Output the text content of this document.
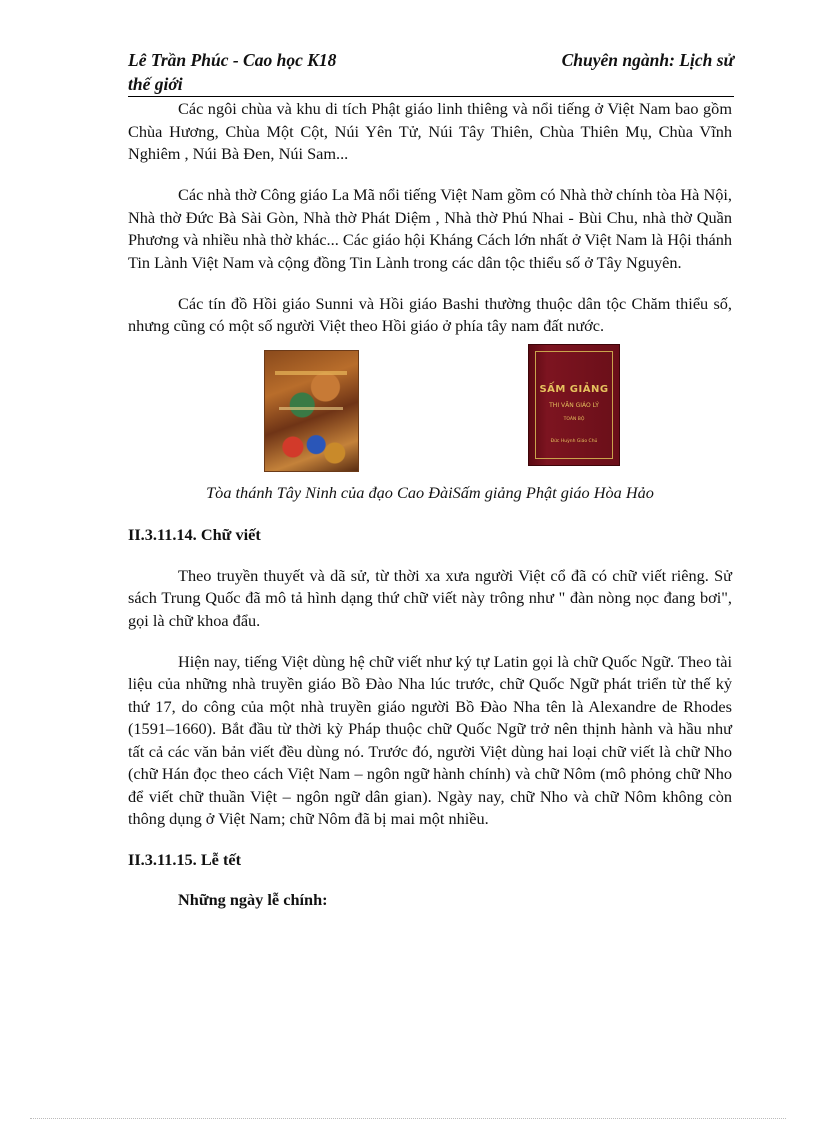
Lê Trần Phúc - Cao học K18	Chuyên ngành: Lịch sử
thế giới

Các ngôi chùa và khu di tích Phật giáo linh thiêng và nổi tiếng ở Việt Nam bao gồm Chùa Hương, Chùa Một Cột, Núi Yên Tử, Núi Tây Thiên, Chùa Thiên Mụ, Chùa Vĩnh Nghiêm , Núi Bà Đen, Núi Sam...

Các nhà thờ Công giáo La Mã nổi tiếng Việt Nam gồm có Nhà thờ chính tòa Hà Nội, Nhà thờ Đức Bà Sài Gòn, Nhà thờ Phát Diệm , Nhà thờ Phú Nhai - Bùi Chu, nhà thờ Quần Phương và nhiều nhà thờ khác... Các giáo hội Kháng Cách lớn nhất ở Việt Nam là Hội thánh Tin Lành Việt Nam và cộng đồng Tin Lành trong các dân tộc thiểu số ở Tây Nguyên.

Các tín đồ Hồi giáo Sunni và Hồi giáo Bashi thường thuộc dân tộc Chăm thiểu số, nhưng cũng có một số người Việt theo Hồi giáo ở phía tây nam đất nước.

SẤM GIẢNG
THI VĂN GIÁO LÝ
TOÀN BỘ
Đức Huỳnh Giáo Chủ
Tòa thánh Tây Ninh của đạo Cao ĐàiSấm giảng Phật giáo Hòa Hảo

II.3.11.14. Chữ viết

Theo truyền thuyết và dã sử, từ thời xa xưa người Việt cổ đã có chữ viết riêng. Sử sách Trung Quốc đã mô tả hình dạng thứ chữ viết này trông như " đàn nòng nọc đang bơi", gọi là chữ khoa đẩu.

Hiện nay, tiếng Việt dùng hệ chữ viết như ký tự Latin gọi là chữ Quốc Ngữ. Theo tài liệu của những nhà truyền giáo Bồ Đào Nha lúc trước, chữ Quốc Ngữ phát triển từ thế kỷ thứ 17, do công của một nhà truyền giáo người Bồ Đào Nha tên là Alexandre de Rhodes (1591–1660). Bắt đầu từ thời kỳ Pháp thuộc chữ Quốc Ngữ trở nên thịnh hành và hầu như tất cả các văn bản viết đều dùng nó. Trước đó, người Việt dùng hai loại chữ viết là chữ Nho (chữ Hán đọc theo cách Việt Nam – ngôn ngữ hành chính) và chữ Nôm (mô phỏng chữ Nho để viết chữ thuần Việt – ngôn ngữ dân gian). Ngày nay, chữ Nho và chữ Nôm không còn thông dụng ở Việt Nam; chữ Nôm đã bị mai một nhiều.

II.3.11.15. Lễ tết

Những ngày lễ chính:
